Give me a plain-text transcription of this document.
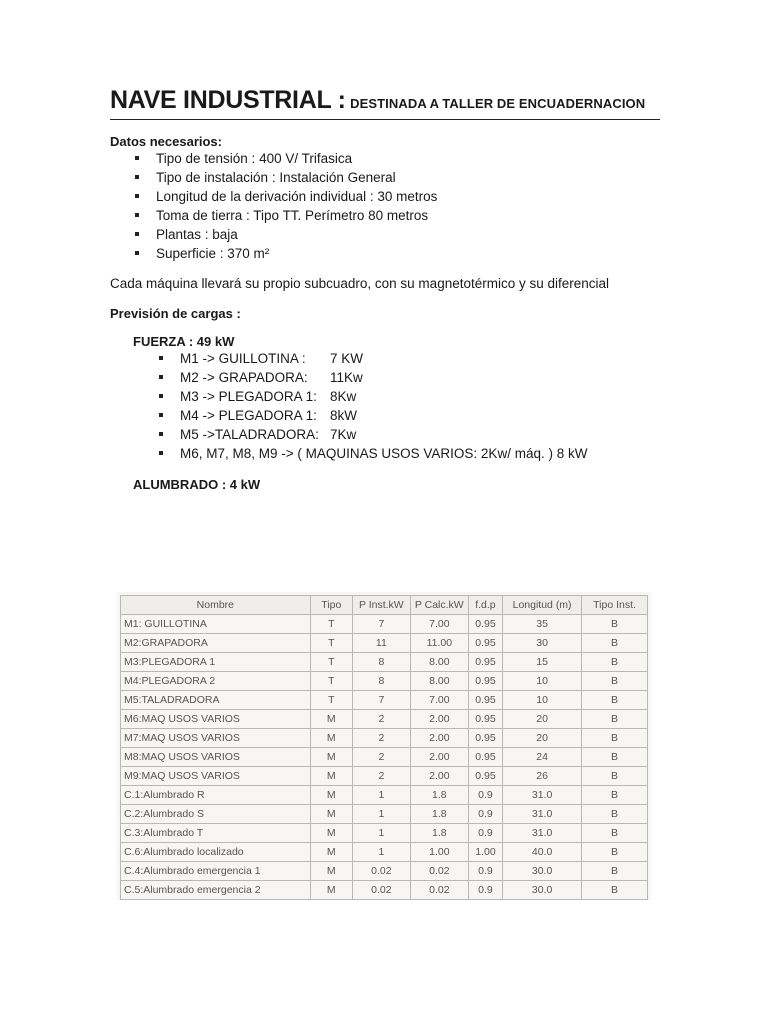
NAVE INDUSTRIAL : DESTINADA A TALLER DE ENCUADERNACION

Datos necesarios:

Tipo de tensión : 400 V/ Trifasica
Tipo de instalación : Instalación General
Longitud de la derivación individual : 30 metros
Toma de tierra : Tipo TT. Perímetro 80 metros
Plantas : baja
Superficie : 370 m²

Cada máquina llevará su propio subcuadro, con su magnetotérmico y su diferencial

Previsión de cargas :

FUERZA : 49 kW

M1 -> GUILLOTINA : 7 KW
M2 -> GRAPADORA: 11Kw
M3 -> PLEGADORA 1: 8Kw
M4 -> PLEGADORA 1: 8kW
M5 ->TALADRADORA: 7Kw
M6, M7, M8, M9 -> ( MAQUINAS USOS VARIOS: 2Kw/ máq. ) 8 kW

ALUMBRADO : 4 kW

Nombre	Tipo	P Inst.kW	P Calc.kW	f.d.p	Longitud (m)	Tipo Inst.
M1: GUILLOTINA	T	7	7.00	0.95	35	B
M2:GRAPADORA	T	11	11.00	0.95	30	B
M3:PLEGADORA 1	T	8	8.00	0.95	15	B
M4:PLEGADORA 2	T	8	8.00	0.95	10	B
M5:TALADRADORA	T	7	7.00	0.95	10	B
M6:MAQ USOS VARIOS	M	2	2.00	0.95	20	B
M7:MAQ USOS VARIOS	M	2	2.00	0.95	20	B
M8:MAQ USOS VARIOS	M	2	2.00	0.95	24	B
M9:MAQ USOS VARIOS	M	2	2.00	0.95	26	B
C.1:Alumbrado R	M	1	1.8	0.9	31.0	B
C.2:Alumbrado S	M	1	1.8	0.9	31.0	B
C.3:Alumbrado T	M	1	1.8	0.9	31.0	B
C.6:Alumbrado localizado	M	1	1.00	1.00	40.0	B
C.4:Alumbrado emergencia 1	M	0.02	0.02	0.9	30.0	B
C.5:Alumbrado emergencia 2	M	0.02	0.02	0.9	30.0	B
